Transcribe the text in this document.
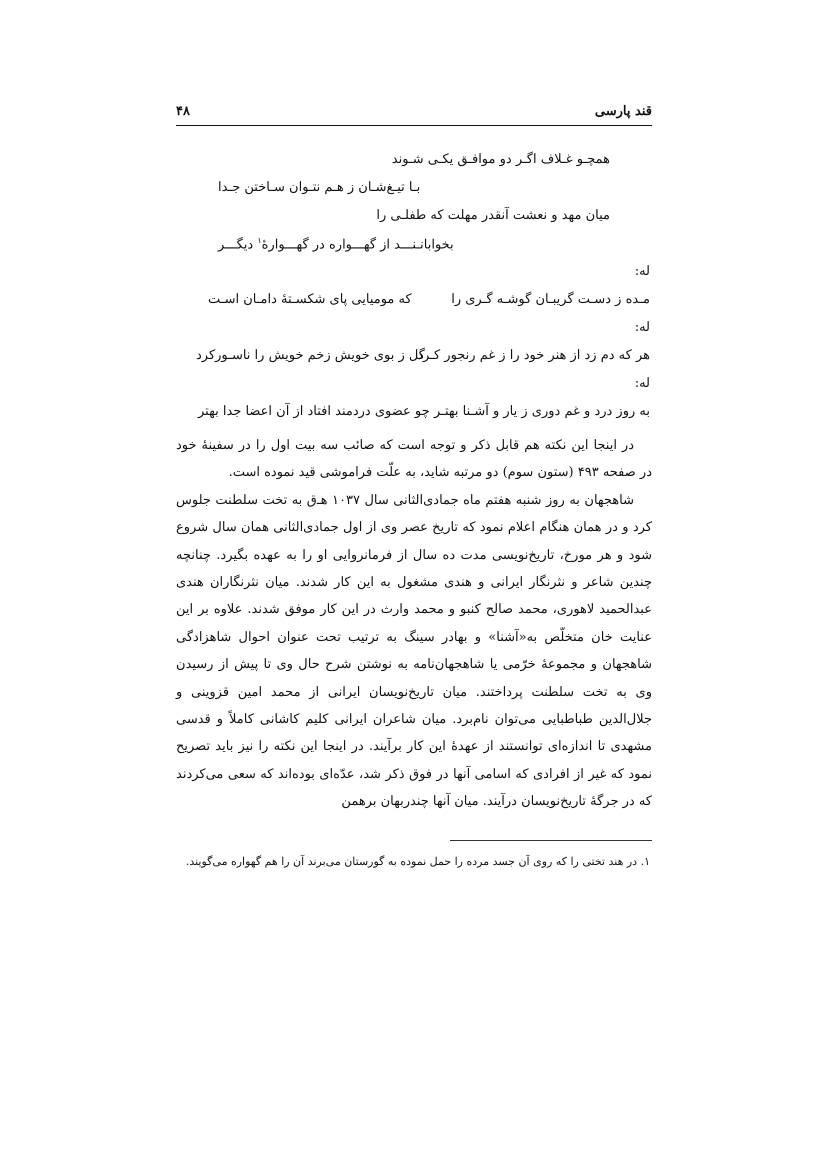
قند پارسی
۴۸
همچـو غـلاف اگـر دو موافـق یکـی شـوند
بـا تیـغ‌شـان ز هـم نتـوان سـاختن جـدا
میان مهد و نعشت آنقدر مهلت که طفلـی را
بخوابانـنـــد از گهـــواره در گهـــوارهٔ$^۱$ دیگـــر
له:
مـده ز دسـت گریبـان گوشـه گـری را
که مومیایی پای شکسـتهٔ دامـان اسـت
له:
هر که دم زد از هنر خود را ز غم رنجور کـرد
گل ز بوی خویش زخم خویش را ناسـورکرد
له:
به روز درد و غم دوری ز یار و آشـنا بهتـر
چو عضوی دردمند افتاد از آن اعضا جدا بهتر

در اینجا این نکته هم قابل ذکر و توجه است که صائب سه بیت اول را در سفینهٔ خود در صفحه ۴۹۳ (ستون سوم) دو مرتبه شاید، به علّت فراموشی قید نموده است.

شاهجهان به روز شنبه هفتم ماه جمادی‌الثانی سال ۱۰۳۷ هـ‌ق به تخت سلطنت جلوس کرد و در همان هنگام اعلام نمود که تاریخ عصر وی از اول جمادی‌الثانی همان سال شروع شود و هر مورخ، تاریخ‌نویسی مدت ده سال از فرمانروایی او را به عهده بگیرد. چنانچه چندین شاعر و نثرنگار ایرانی و هندی مشغول به این کار شدند. میان نثرنگاران هندی عبدالحمید لاهوری، محمد صالح کنبو و محمد وارث در این کار موفق شدند. علاوه بر این عنایت خان متخلّص به«آشنا» و بهادر سینگ به ترتیب تحت عنوان احوال شاهزادگی شاهجهان و مجموعهٔ خرّمی یا شاهجهان‌نامه به نوشتن شرح حال وی تا پیش از رسیدن وی به تخت سلطنت پرداختند. میان تاریخ‌نویسان ایرانی از محمد امین قزوینی و جلال‌الدین طباطبایی می‌توان نام‌برد. میان شاعران ایرانی کلیم کاشانی کاملاً و قدسی مشهدی تا اندازه‌ای توانستند از عهدهٔ این کار برآیند. در اینجا این نکته را نیز باید تصریح نمود که غیر از افرادی که اسامی آنها در فوق ذکر شد، عدّه‌ای بوده‌اند که سعی می‌کردند که در جرگهٔ تاریخ‌نویسان درآیند. میان آنها چندربهان برهمن

۱. در هند تختی را که روی آن جسد مرده را حمل نموده به گورستان می‌برند آن را هم گهواره می‌گویند.
